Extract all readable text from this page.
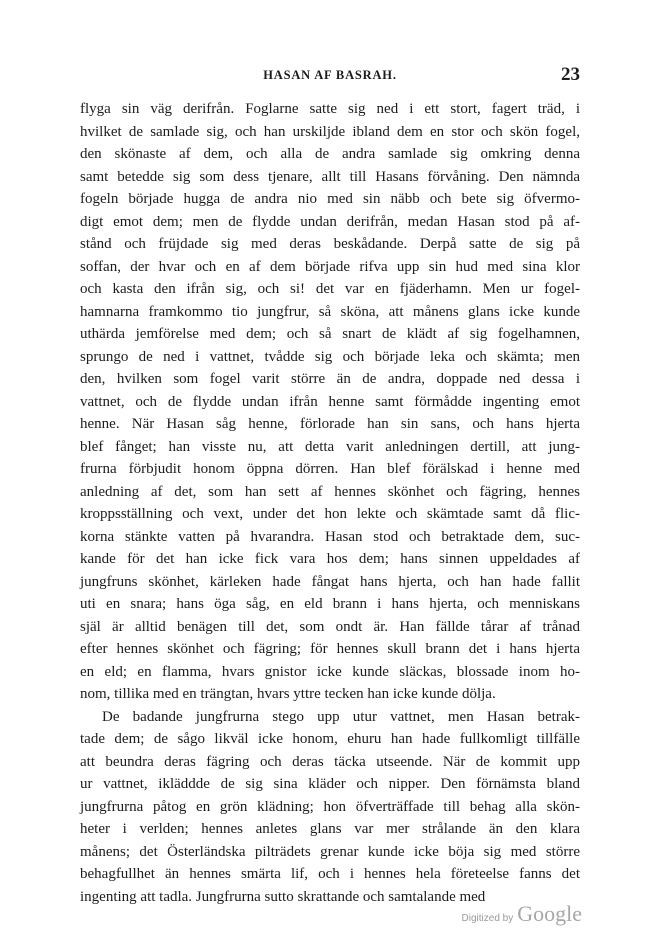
HASAN AF BASRAH.	23
flyga sin väg derifrån. Foglarne satte sig ned i ett stort, fagert träd, i
hvilket de samlade sig, och han urskiljde ibland dem en stor och skön fogel,
den skönaste af dem, och alla de andra samlade sig omkring denna
samt betedde sig som dess tjenare, allt till Hasans förvåning. Den nämnda
fogeln började hugga de andra nio med sin näbb och bete sig öfvermo-
digt emot dem; men de flydde undan derifrån, medan Hasan stod på af-
stånd och früjdade sig med deras beskådande. Derpå satte de sig på
soffan, der hvar och en af dem började rifva upp sin hud med sina klor
och kasta den ifrån sig, och si! det var en fjäderhamn. Men ur fogel-
hamnarna framkommo tio jungfrur, så sköna, att månens glans icke kunde
uthärda jemförelse med dem; och så snart de klädt af sig fogelhamnen,
sprungo de ned i vattnet, tvådde sig och började leka och skämta; men
den, hvilken som fogel varit större än de andra, doppade ned dessa i
vattnet, och de flydde undan ifrån henne samt förmådde ingenting emot
henne. När Hasan såg henne, förlorade han sin sans, och hans hjerta
blef fånget; han visste nu, att detta varit anledningen dertill, att jung-
frurna förbjudit honom öppna dörren. Han blef förälskad i henne med
anledning af det, som han sett af hennes skönhet och fägring, hennes
kroppsställning och vext, under det hon lekte och skämtade samt då flic-
korna stänkte vatten på hvarandra. Hasan stod och betraktade dem, suc-
kande för det han icke fick vara hos dem; hans sinnen uppeldades af
jungfruns skönhet, kärleken hade fångat hans hjerta, och han hade fallit
uti en snara; hans öga såg, en eld brann i hans hjerta, och menniskans
själ är alltid benägen till det, som ondt är. Han fällde tårar af trånad
efter hennes skönhet och fägring; för hennes skull brann det i hans hjerta
en eld; en flamma, hvars gnistor icke kunde släckas, blossade inom ho-
nom, tillika med en trängtan, hvars yttre tecken han icke kunde dölja.
De badande jungfrurna stego upp utur vattnet, men Hasan betrak-
tade dem; de sågo likväl icke honom, ehuru han hade fullkomligt tillfälle
att beundra deras fägring och deras täcka utseende. När de kommit upp
ur vattnet, ikläddde de sig sina kläder och nipper. Den förnämsta bland
jungfrurna påtog en grön klädning; hon öfverträffade till behag alla skön-
heter i verlden; hennes anletes glans var mer strålande än den klara
månens; det Österländska pilträdets grenar kunde icke böja sig med större
behagfullhet än hennes smärta lif, och i hennes hela företeelse fanns det
ingenting att tadla. Jungfrurna sutto skrattande och samtalande med
Digitized by Google
